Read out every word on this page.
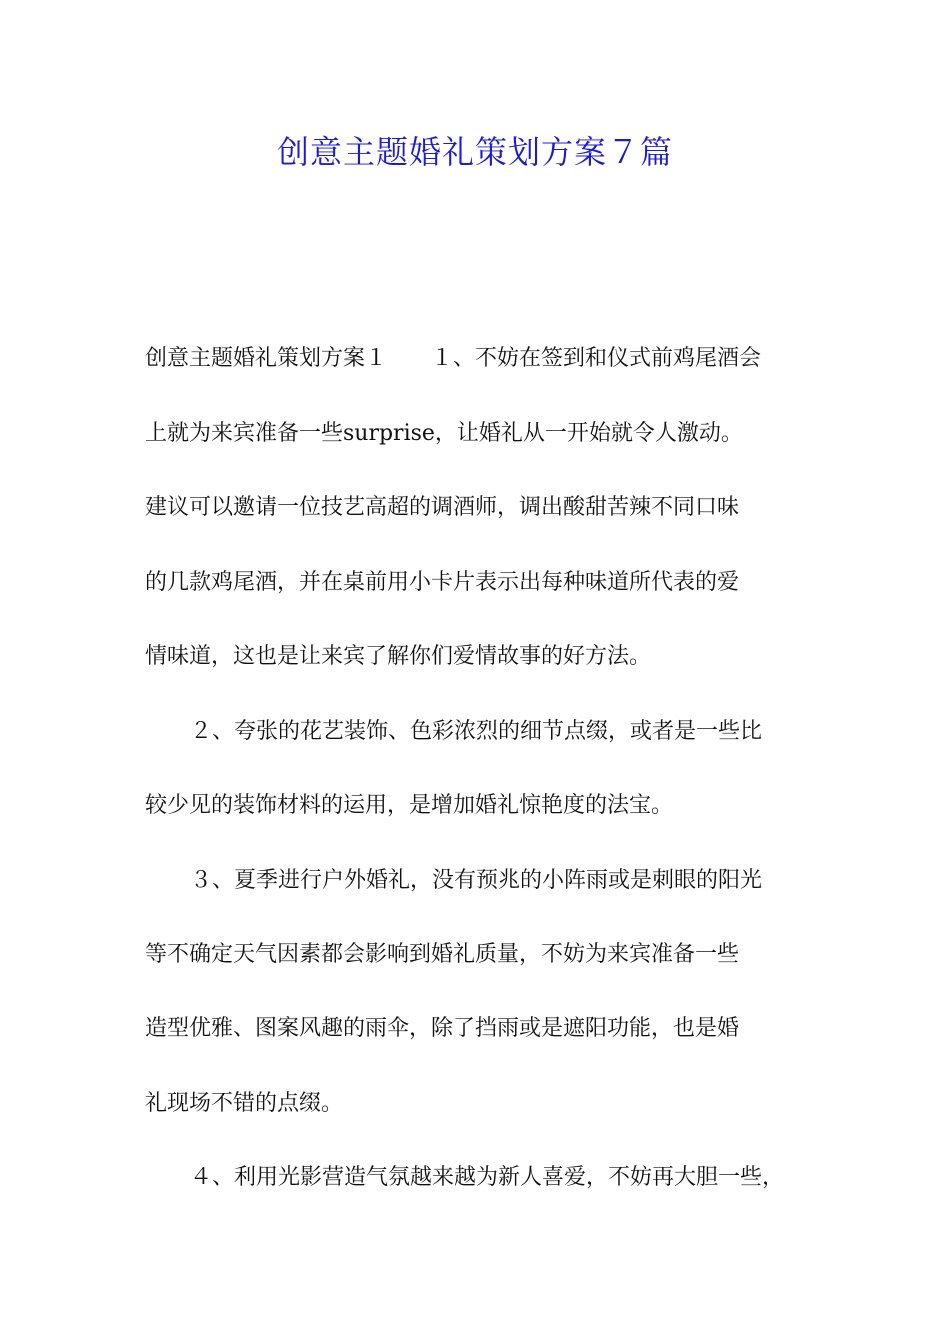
创意主题婚礼策划方案７篇
创意主题婚礼策划方案１　　１、不妨在签到和仪式前鸡尾酒会
上就为来宾准备一些surprise，让婚礼从一开始就令人激动。
建议可以邀请一位技艺高超的调酒师，调出酸甜苦辣不同口味
的几款鸡尾酒，并在桌前用小卡片表示出每种味道所代表的爱
情味道，这也是让来宾了解你们爱情故事的好方法。
２、夸张的花艺装饰、色彩浓烈的细节点缀，或者是一些比
较少见的装饰材料的运用，是增加婚礼惊艳度的法宝。
３、夏季进行户外婚礼，没有预兆的小阵雨或是刺眼的阳光
等不确定天气因素都会影响到婚礼质量，不妨为来宾准备一些
造型优雅、图案风趣的雨伞，除了挡雨或是遮阳功能，也是婚
礼现场不错的点缀。
４、利用光影营造气氛越来越为新人喜爱，不妨再大胆一些，
